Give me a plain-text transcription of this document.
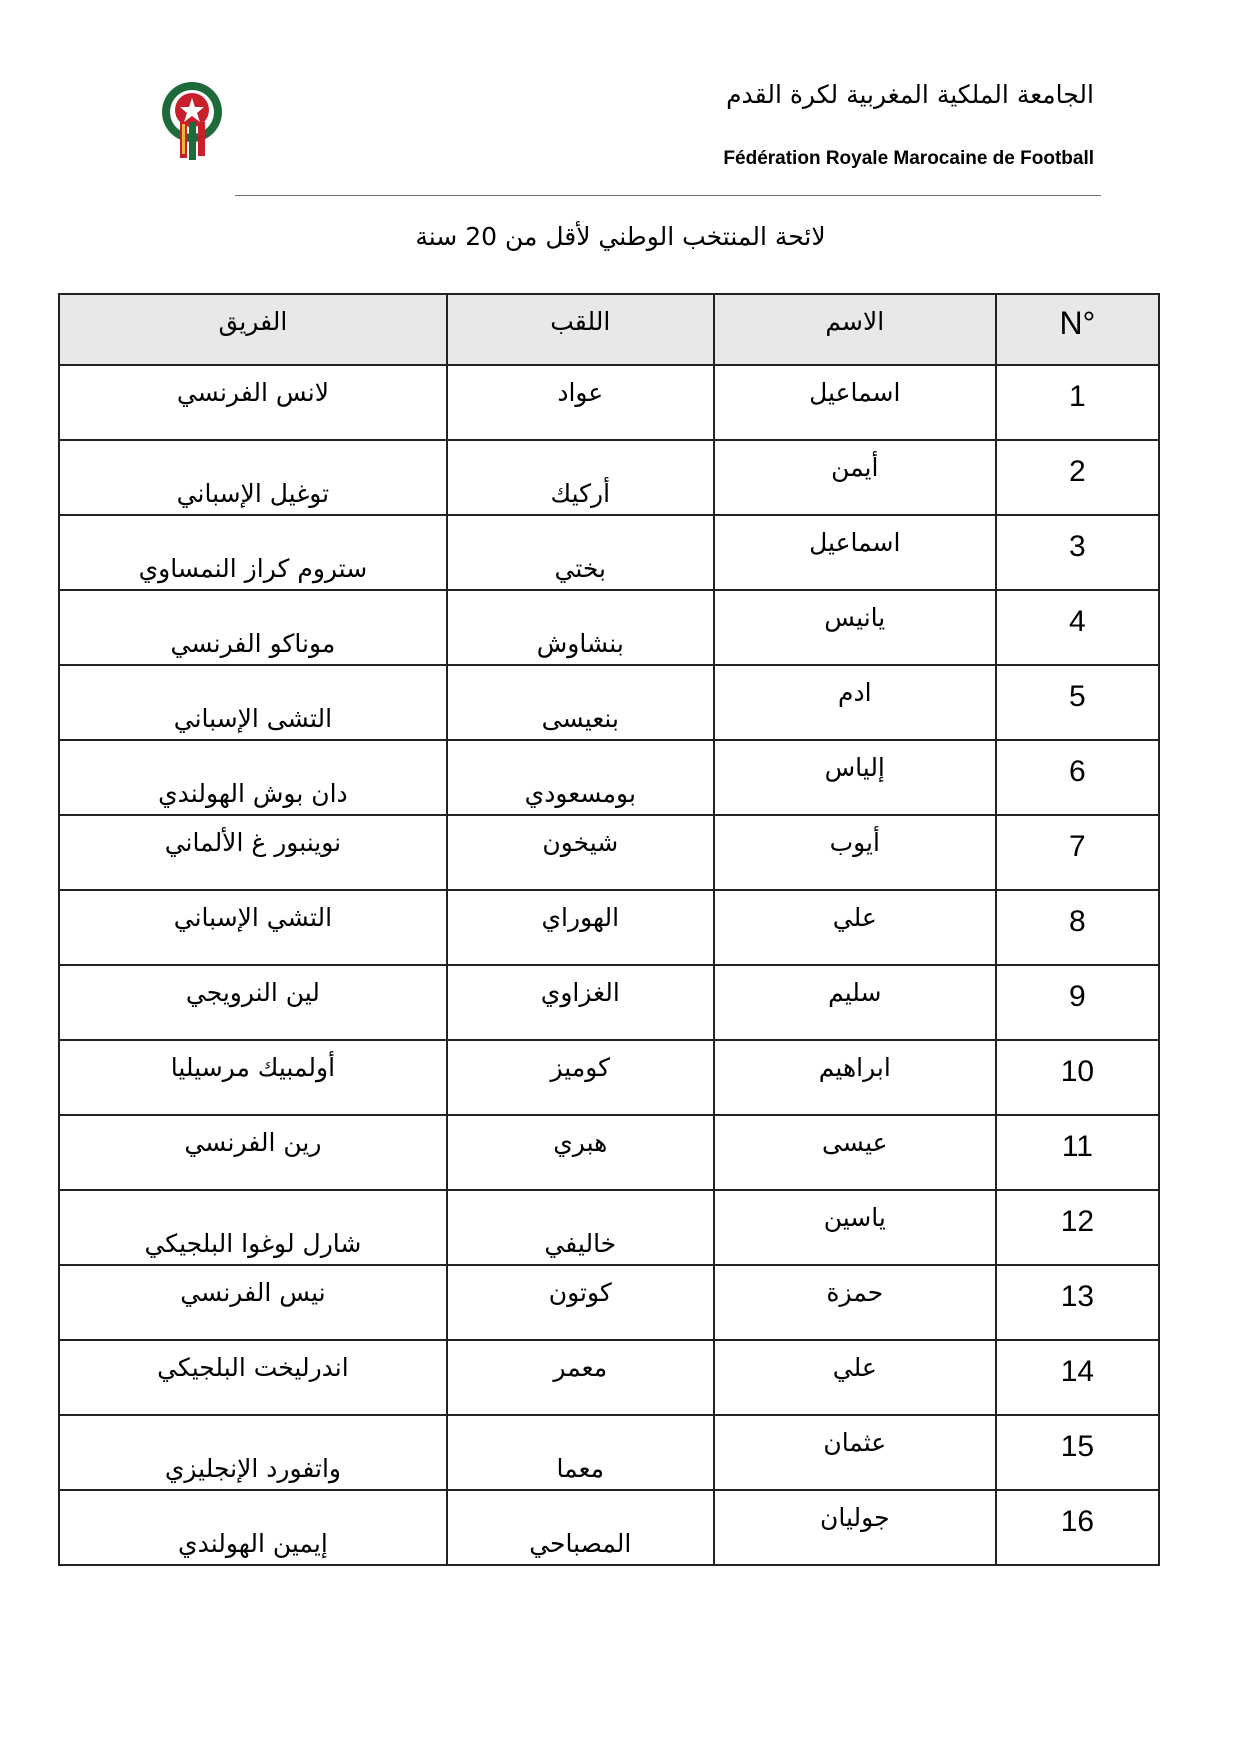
الجامعة الملكية المغربية لكرة القدم
Fédération Royale Marocaine de Football
لائحة المنتخب الوطني لأقل من 20 سنة
الفريق	اللقب	الاسم	N°

لانس الفرنسي	عواد	اسماعيل	1

توغيل الإسباني	أركيك	أيمن	2

ستروم كراز النمساوي	بختي	اسماعيل	3

موناكو الفرنسي	بنشاوش	يانيس	4

التشى الإسباني	بنعيسى	ادم	5

دان بوش الهولندي	بومسعودي	إلياس	6

نوينبور غ الألماني	شيخون	أيوب	7

التشي الإسباني	الهوراي	علي	8

لين النرويجي	الغزاوي	سليم	9

أولمبيك مرسيليا	كوميز	ابراهيم	10

رين الفرنسي	هبري	عيسى	11

شارل لوغوا البلجيكي	خاليفي	ياسين	12

نيس الفرنسي	كوتون	حمزة	13

اندرليخت البلجيكي	معمر	علي	14

واتفورد الإنجليزي	معما	عثمان	15

إيمين الهولندي	المصباحي	جوليان	16
